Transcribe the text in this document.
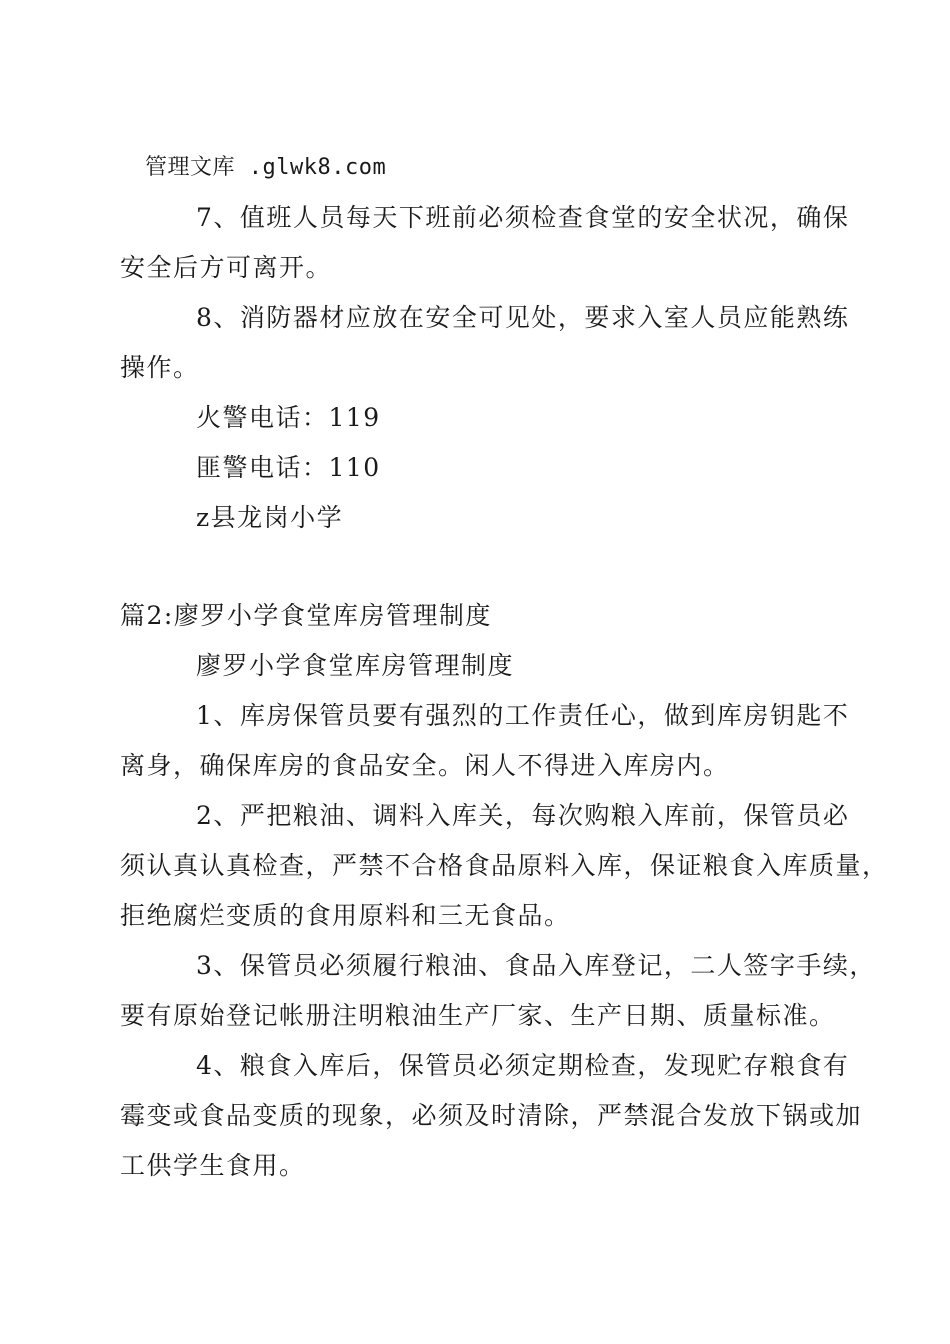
管理文库 .glwk8.com
7、值班人员每天下班前必须检查食堂的安全状况，确保
安全后方可离开。
8、消防器材应放在安全可见处，要求入室人员应能熟练
操作。
火警电话：119
匪警电话：110
z县龙岗小学
篇2:廖罗小学食堂库房管理制度
廖罗小学食堂库房管理制度
1、库房保管员要有强烈的工作责任心，做到库房钥匙不
离身，确保库房的食品安全。闲人不得进入库房内。
2、严把粮油、调料入库关，每次购粮入库前，保管员必
须认真认真检查，严禁不合格食品原料入库，保证粮食入库质量，
拒绝腐烂变质的食用原料和三无食品。
3、保管员必须履行粮油、食品入库登记，二人签字手续，
要有原始登记帐册注明粮油生产厂家、生产日期、质量标准。
4、粮食入库后，保管员必须定期检查，发现贮存粮食有
霉变或食品变质的现象，必须及时清除，严禁混合发放下锅或加
工供学生食用。
